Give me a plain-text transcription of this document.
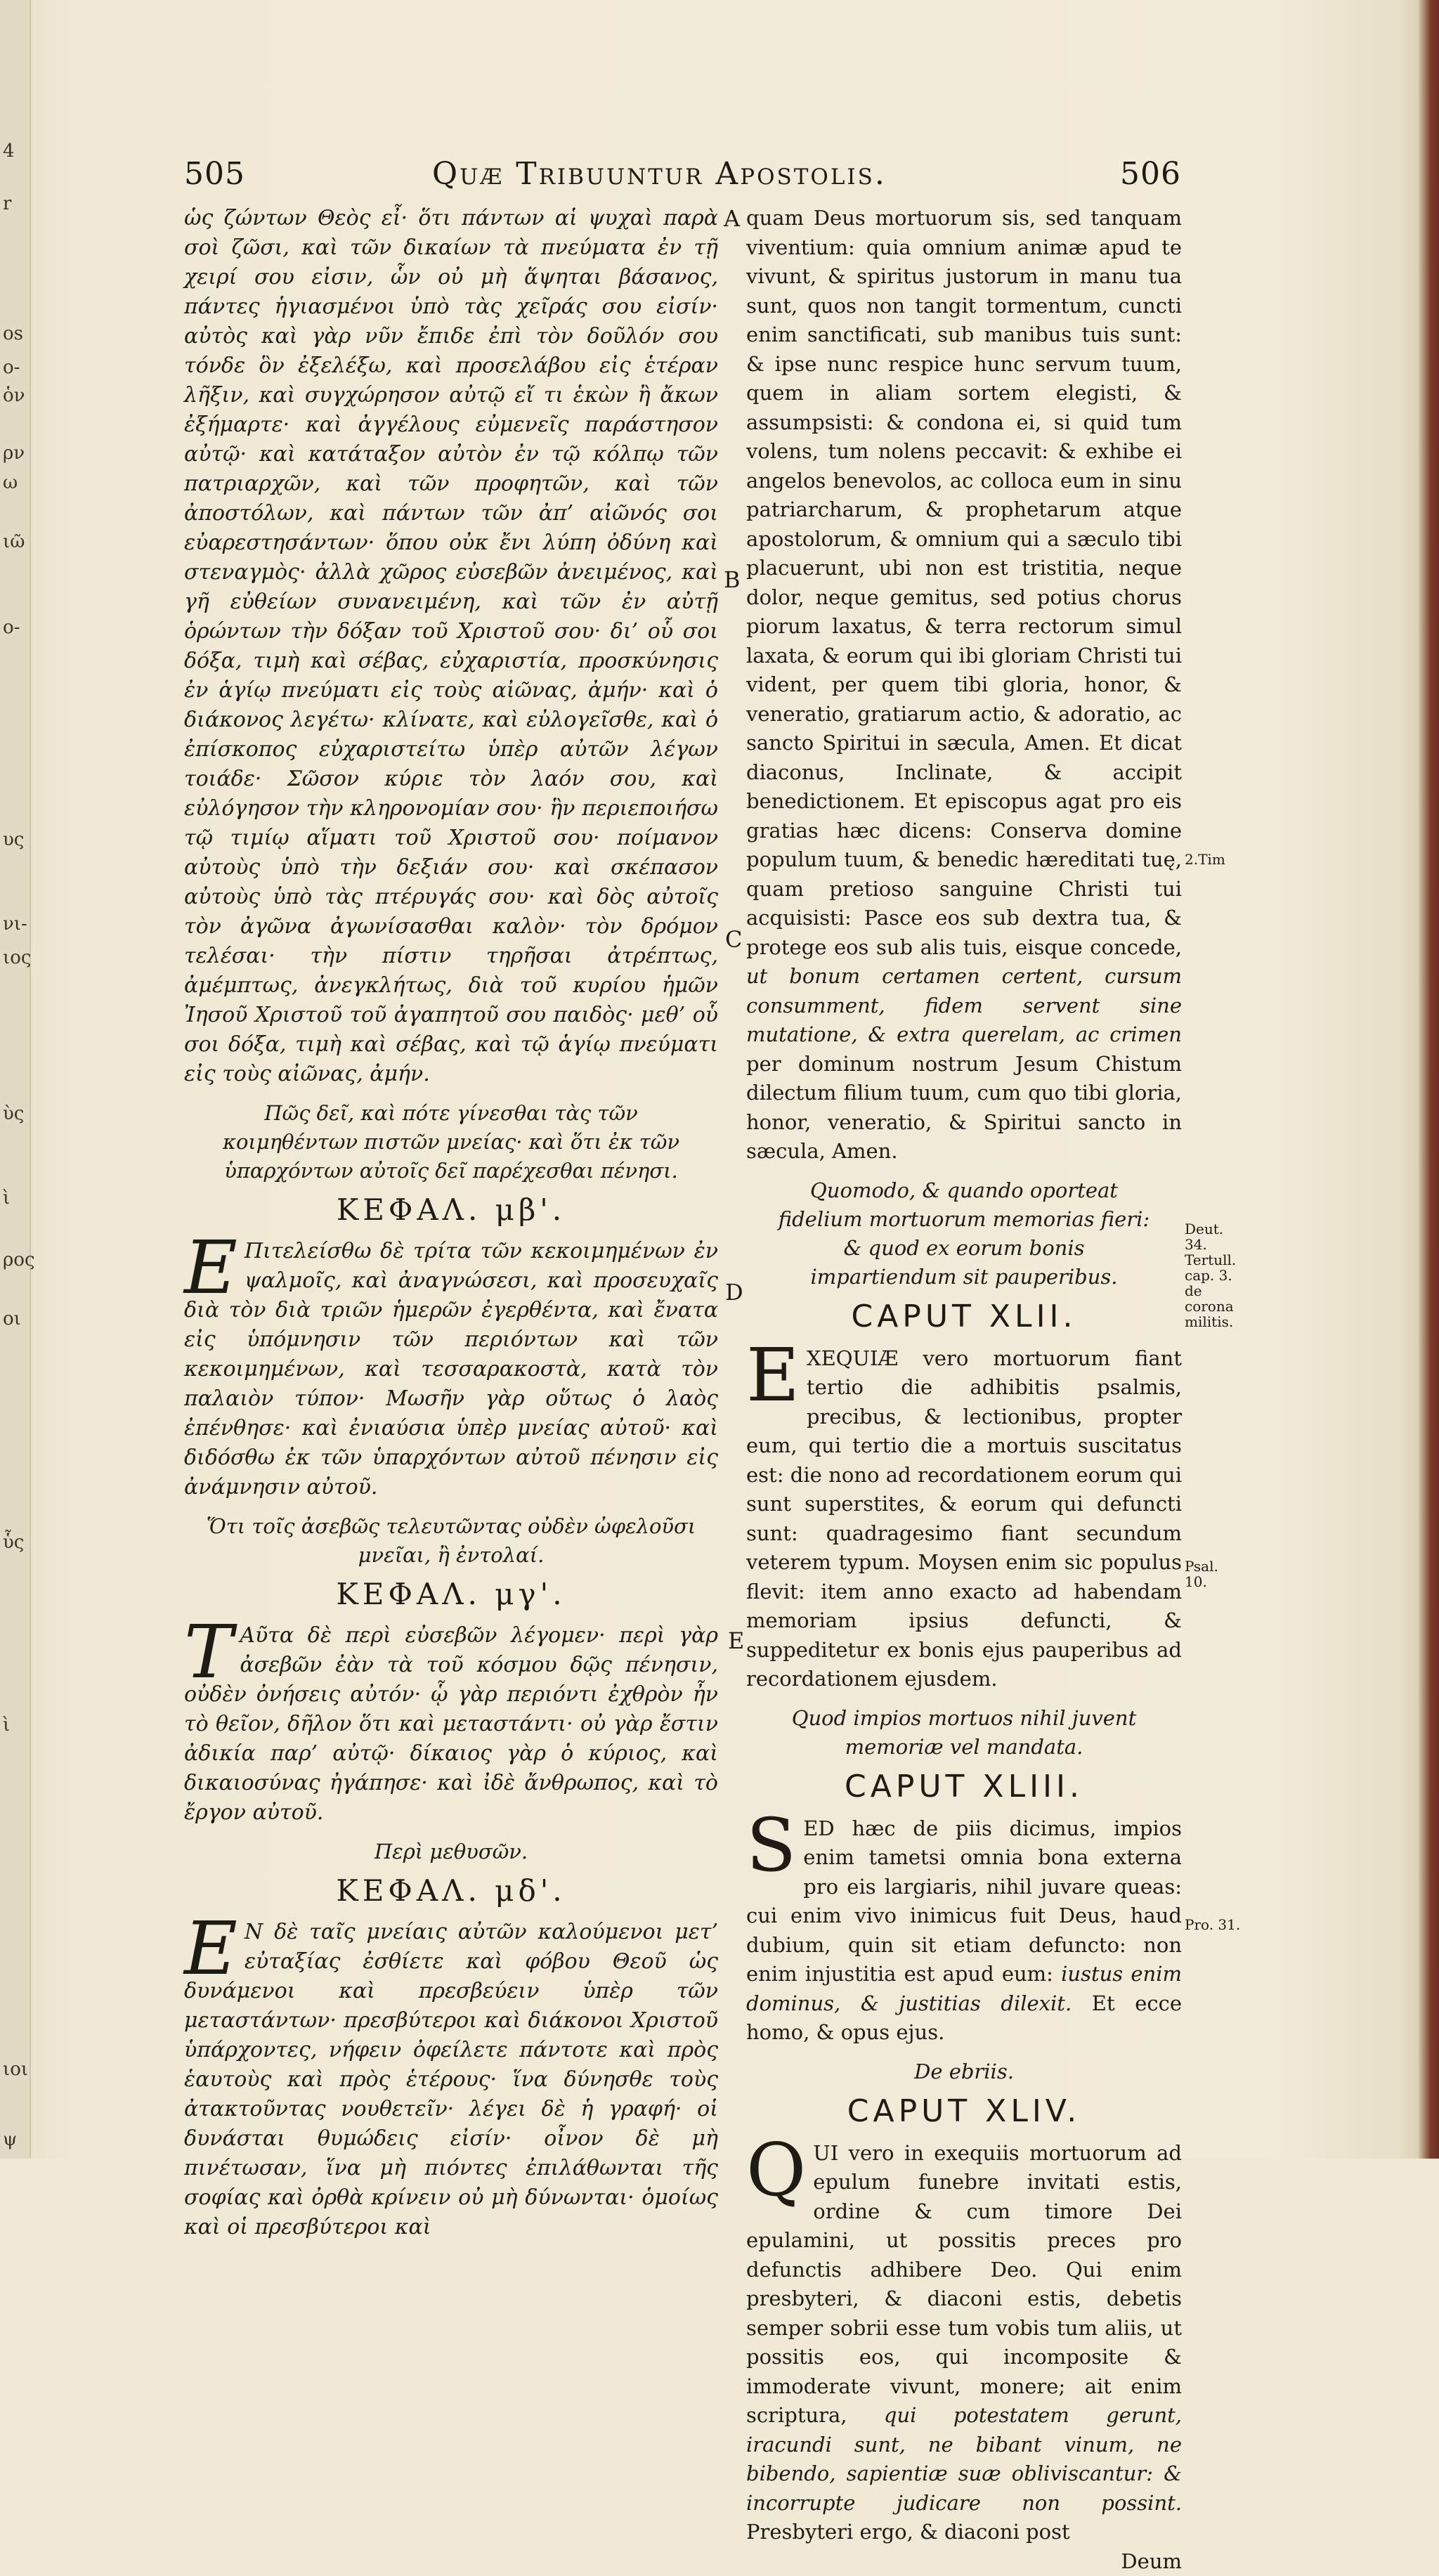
4
r
os
o-
ὁν
ρν
ω
ιῶ
ο-
υς
νι-
ιος
ὺς
ὶ
ρος
οι
ὗς
ὶ
ιοι
ψ
505	Quæ Tribuuntur Apostolis.	506
A
B
C
D
E
2.Tim
Deut. 34. Tertull. cap. 3. de corona militis.
Psal. 10.
Pro. 31.

ὡς ζώντων Θεὸς εἶ· ὅτι πάντων αἱ ψυχαὶ παρὰ σοὶ ζῶσι, καὶ τῶν δικαίων τὰ πνεύματα ἐν τῇ χειρί σου εἰσιν, ὧν οὐ μὴ ἅψηται βάσανος, πάντες ἡγιασμένοι ὑπὸ τὰς χεῖράς σου εἰσίν· αὐτὸς καὶ γὰρ νῦν ἔπιδε ἐπὶ τὸν δοῦλόν σου τόνδε ὃν ἐξελέξω, καὶ προσελάβου εἰς ἑτέραν λῆξιν, καὶ συγχώρησον αὐτῷ εἴ τι ἑκὼν ἢ ἄκων ἐξήμαρτε· καὶ ἀγγέλους εὐμενεῖς παράστησον αὐτῷ· καὶ κατάταξον αὐτὸν ἐν τῷ κόλπῳ τῶν πατριαρχῶν, καὶ τῶν προφητῶν, καὶ τῶν ἀποστόλων, καὶ πάντων τῶν ἀπ’ αἰῶνός σοι εὐαρεστησάντων· ὅπου οὐκ ἔνι λύπη ὀδύνη καὶ στεναγμὸς· ἀλλὰ χῶρος εὐσεβῶν ἀνειμένος, καὶ γῆ εὐθείων συνανειμένη, καὶ τῶν ἐν αὐτῇ ὁρώντων τὴν δόξαν τοῦ Χριστοῦ σου· δι’ οὗ σοι δόξα, τιμὴ καὶ σέβας, εὐχαριστία, προσκύνησις ἐν ἁγίῳ πνεύματι εἰς τοὺς αἰῶνας, ἀμήν· καὶ ὁ διάκονος λεγέτω· κλίνατε, καὶ εὐλογεῖσθε, καὶ ὁ ἐπίσκοπος εὐχαριστείτω ὑπὲρ αὐτῶν λέγων τοιάδε· Σῶσον κύριε τὸν λαόν σου, καὶ εὐλόγησον τὴν κληρονομίαν σου· ἣν περιεποιήσω τῷ τιμίῳ αἵματι τοῦ Χριστοῦ σου· ποίμανον αὐτοὺς ὑπὸ τὴν δεξιάν σου· καὶ σκέπασον αὐτοὺς ὑπὸ τὰς πτέρυγάς σου· καὶ δὸς αὐτοῖς τὸν ἀγῶνα ἀγωνίσασθαι καλὸν· τὸν δρόμον τελέσαι· τὴν πίστιν τηρῆσαι ἀτρέπτως, ἀμέμπτως, ἀνεγκλήτως, διὰ τοῦ κυρίου ἡμῶν Ἰησοῦ Χριστοῦ τοῦ ἀγαπητοῦ σου παιδὸς· μεθ’ οὗ σοι δόξα, τιμὴ καὶ σέβας, καὶ τῷ ἁγίῳ πνεύματι εἰς τοὺς αἰῶνας, ἀμήν.

Πῶς δεῖ, καὶ πότε γίνεσθαι τὰς τῶν κοιμηθέντων πιστῶν μνείας· καὶ ὅτι ἐκ τῶν ὑπαρχόντων αὐτοῖς δεῖ παρέχεσθαι πένησι.

ΚΕΦΑΛ. μβ'.

Ε Πιτελείσθω δὲ τρίτα τῶν κεκοιμημένων ἐν ψαλμοῖς, καὶ ἀναγνώσεσι, καὶ προσευχαῖς διὰ τὸν διὰ τριῶν ἡμερῶν ἐγερθέντα, καὶ ἔνατα εἰς ὑπόμνησιν τῶν περιόντων καὶ τῶν κεκοιμημένων, καὶ τεσσαρακοστὰ, κατὰ τὸν παλαιὸν τύπον· Μωσῆν γὰρ οὕτως ὁ λαὸς ἐπένθησε· καὶ ἐνιαύσια ὑπὲρ μνείας αὐτοῦ· καὶ διδόσθω ἐκ τῶν ὑπαρχόντων αὐτοῦ πένησιν εἰς ἀνάμνησιν αὐτοῦ.

Ὅτι τοῖς ἀσεβῶς τελευτῶντας οὐδὲν ὠφελοῦσι μνεῖαι, ἢ ἐντολαί.

ΚΕΦΑΛ. μγ'.

Τ Αῦτα δὲ περὶ εὐσεβῶν λέγομεν· περὶ γὰρ ἀσεβῶν ἐὰν τὰ τοῦ κόσμου δῷς πένησιν, οὐδὲν ὀνήσεις αὐτόν· ᾧ γὰρ περιόντι ἐχθρὸν ἦν τὸ θεῖον, δῆλον ὅτι καὶ μεταστάντι· οὐ γὰρ ἔστιν ἀδικία παρ’ αὐτῷ· δίκαιος γὰρ ὁ κύριος, καὶ δικαιοσύνας ἠγάπησε· καὶ ἰδὲ ἄνθρωπος, καὶ τὸ ἔργον αὐτοῦ.

Περὶ μεθυσῶν.

ΚΕΦΑΛ. μδ'.

Ε Ν δὲ ταῖς μνείαις αὐτῶν καλούμενοι μετ’ εὐταξίας ἐσθίετε καὶ φόβου Θεοῦ ὡς δυνάμενοι καὶ πρεσβεύειν ὑπὲρ τῶν μεταστάντων· πρεσβύτεροι καὶ διάκονοι Χριστοῦ ὑπάρχοντες, νήφειν ὀφείλετε πάντοτε καὶ πρὸς ἑαυτοὺς καὶ πρὸς ἑτέρους· ἵνα δύνησθε τοὺς ἀτακτοῦντας νουθετεῖν· λέγει δὲ ἡ γραφή· οἱ δυνάσται θυμώδεις εἰσίν· οἶνον δὲ μὴ πινέτωσαν, ἵνα μὴ πιόντες ἐπιλάθωνται τῆς σοφίας καὶ ὀρθὰ κρίνειν οὐ μὴ δύνωνται· ὁμοίως καὶ οἱ πρεσβύτεροι καὶ

quam Deus mortuorum sis, sed tanquam viventium: quia omnium animæ apud te vivunt, & spiritus justorum in manu tua sunt, quos non tangit tormentum, cuncti enim sanctificati, sub manibus tuis sunt: & ipse nunc respice hunc servum tuum, quem in aliam sortem elegisti, & assumpsisti: & condona ei, si quid tum volens, tum nolens peccavit: & exhibe ei angelos benevolos, ac colloca eum in sinu patriarcharum, & prophetarum atque apostolorum, & omnium qui a sæculo tibi placuerunt, ubi non est tristitia, neque dolor, neque gemitus, sed potius chorus piorum laxatus, & terra rectorum simul laxata, & eorum qui ibi gloriam Christi tui vident, per quem tibi gloria, honor, & veneratio, gratiarum actio, & adoratio, ac sancto Spiritui in sæcula, Amen. Et dicat diaconus, Inclinate, & accipit benedictionem. Et episcopus agat pro eis gratias hæc dicens: Conserva domine populum tuum, & benedic hæreditati tuę, quam pretioso sanguine Christi tui acquisisti: Pasce eos sub dextra tua, & protege eos sub alis tuis, eisque concede, ut bonum certamen certent, cursum consumment, fidem servent sine mutatione, & extra querelam, ac crimen per dominum nostrum Jesum Chistum dilectum filium tuum, cum quo tibi gloria, honor, veneratio, & Spiritui sancto in sæcula, Amen.

Quomodo, & quando oporteat fidelium mortuorum memorias fieri: & quod ex eorum bonis impartiendum sit pauperibus.

CAPUT XLII.

EXEQUIÆ vero mortuorum fiant tertio die adhibitis psalmis, precibus, & lectionibus, propter eum, qui tertio die a mortuis suscitatus est: die nono ad recordationem eorum qui sunt superstites, & eorum qui defuncti sunt: quadragesimo fiant secundum veterem typum. Moysen enim sic populus flevit: item anno exacto ad habendam memoriam ipsius defuncti, & suppeditetur ex bonis ejus pauperibus ad recordationem ejusdem.

Quod impios mortuos nihil juvent memoriæ vel mandata.

CAPUT XLIII.

SED hæc de piis dicimus, impios enim tametsi omnia bona externa pro eis largiaris, nihil juvare queas: cui enim vivo inimicus fuit Deus, haud dubium, quin sit etiam defuncto: non enim injustitia est apud eum: iustus enim dominus, & justitias dilexit. Et ecce homo, & opus ejus.

De ebriis.

CAPUT XLIV.

QUI vero in exequiis mortuorum ad epulum funebre invitati estis, ordine & cum timore Dei epulamini, ut possitis preces pro defunctis adhibere Deo. Qui enim presbyteri, & diaconi estis, debetis semper sobrii esse tum vobis tum aliis, ut possitis eos, qui incomposite & immoderate vivunt, monere; ait enim scriptura, qui potestatem gerunt, iracundi sunt, ne bibant vinum, ne bibendo, sapientiæ suæ obliviscantur: & incorrupte judicare non possint. Presbyteri ergo, & diaconi post

Deum
